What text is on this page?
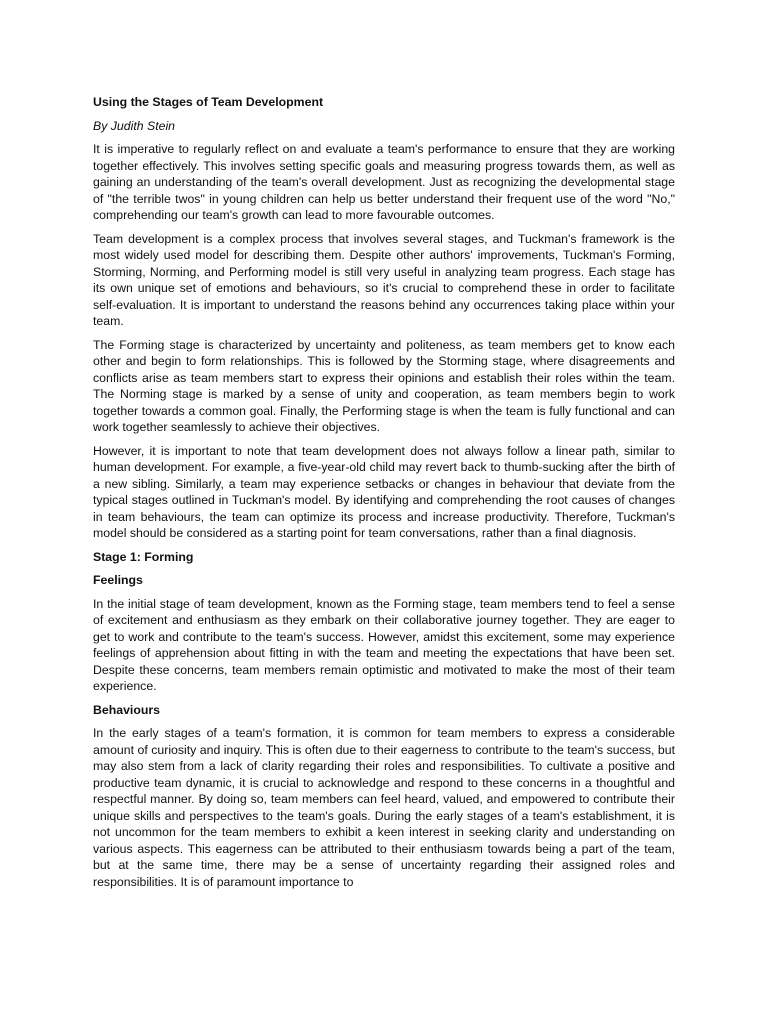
Using the Stages of Team Development
By Judith Stein

It is imperative to regularly reflect on and evaluate a team's performance to ensure that they are working together effectively. This involves setting specific goals and measuring progress towards them, as well as gaining an understanding of the team's overall development. Just as recognizing the developmental stage of "the terrible twos" in young children can help us better understand their frequent use of the word "No," comprehending our team's growth can lead to more favourable outcomes.

Team development is a complex process that involves several stages, and Tuckman's framework is the most widely used model for describing them. Despite other authors' improvements, Tuckman's Forming, Storming, Norming, and Performing model is still very useful in analyzing team progress. Each stage has its own unique set of emotions and behaviours, so it's crucial to comprehend these in order to facilitate self-evaluation. It is important to understand the reasons behind any occurrences taking place within your team.

The Forming stage is characterized by uncertainty and politeness, as team members get to know each other and begin to form relationships. This is followed by the Storming stage, where disagreements and conflicts arise as team members start to express their opinions and establish their roles within the team. The Norming stage is marked by a sense of unity and cooperation, as team members begin to work together towards a common goal. Finally, the Performing stage is when the team is fully functional and can work together seamlessly to achieve their objectives.

However, it is important to note that team development does not always follow a linear path, similar to human development. For example, a five-year-old child may revert back to thumb-sucking after the birth of a new sibling. Similarly, a team may experience setbacks or changes in behaviour that deviate from the typical stages outlined in Tuckman's model. By identifying and comprehending the root causes of changes in team behaviours, the team can optimize its process and increase productivity. Therefore, Tuckman's model should be considered as a starting point for team conversations, rather than a final diagnosis.

Stage 1: Forming
Feelings

In the initial stage of team development, known as the Forming stage, team members tend to feel a sense of excitement and enthusiasm as they embark on their collaborative journey together. They are eager to get to work and contribute to the team's success. However, amidst this excitement, some may experience feelings of apprehension about fitting in with the team and meeting the expectations that have been set. Despite these concerns, team members remain optimistic and motivated to make the most of their team experience.

Behaviours

In the early stages of a team's formation, it is common for team members to express a considerable amount of curiosity and inquiry. This is often due to their eagerness to contribute to the team's success, but may also stem from a lack of clarity regarding their roles and responsibilities. To cultivate a positive and productive team dynamic, it is crucial to acknowledge and respond to these concerns in a thoughtful and respectful manner. By doing so, team members can feel heard, valued, and empowered to contribute their unique skills and perspectives to the team's goals. During the early stages of a team's establishment, it is not uncommon for the team members to exhibit a keen interest in seeking clarity and understanding on various aspects. This eagerness can be attributed to their enthusiasm towards being a part of the team, but at the same time, there may be a sense of uncertainty regarding their assigned roles and responsibilities. It is of paramount importance to
